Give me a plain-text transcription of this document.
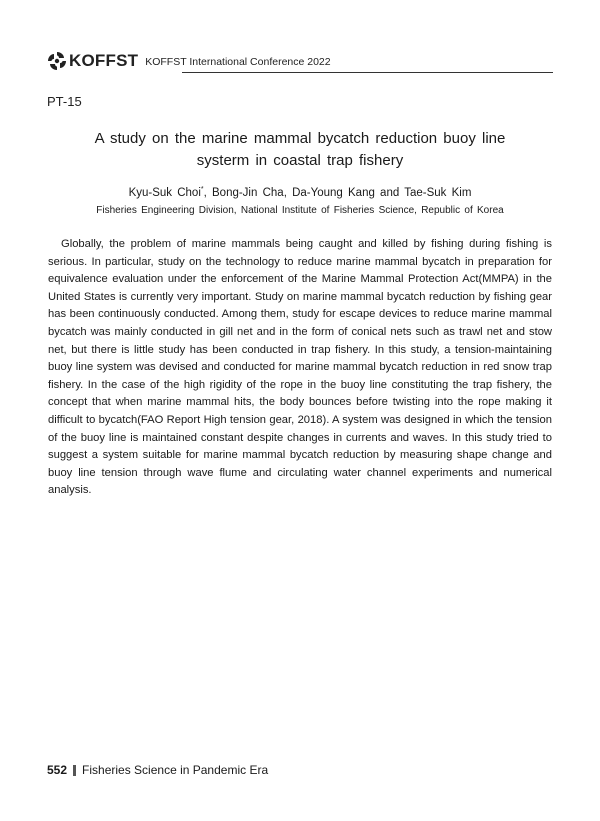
KOFFST KOFFST International Conference 2022
PT-15
A study on the marine mammal bycatch reduction buoy line
systerm in coastal trap fishery
Kyu-Suk Choi*, Bong-Jin Cha, Da-Young Kang and Tae-Suk Kim
Fisheries Engineering Division, National Institute of Fisheries Science, Republic of Korea

Globally, the problem of marine mammals being caught and killed by fishing during fishing is serious. In particular, study on the technology to reduce marine mammal bycatch in preparation for equivalence evaluation under the enforcement of the Marine Mammal Protection Act(MMPA) in the United States is currently very important. Study on marine mammal bycatch reduction by fishing gear has been continuously conducted. Among them, study for escape devices to reduce marine mammal bycatch was mainly conducted in gill net and in the form of conical nets such as trawl net and stow net, but there is little study has been conducted in trap fishery. In this study, a tension-maintaining buoy line system was devised and conducted for marine mammal bycatch reduction in red snow trap fishery. In the case of the high rigidity of the rope in the buoy line constituting the trap fishery, the concept that when marine mammal hits, the body bounces before twisting into the rope making it difficult to bycatch(FAO Report High tension gear, 2018). A system was designed in which the tension of the buoy line is maintained constant despite changes in currents and waves. In this study tried to suggest a system suitable for marine mammal bycatch reduction by measuring shape change and buoy line tension through wave flume and circulating water channel experiments and numerical analysis.

552 Fisheries Science in Pandemic Era
